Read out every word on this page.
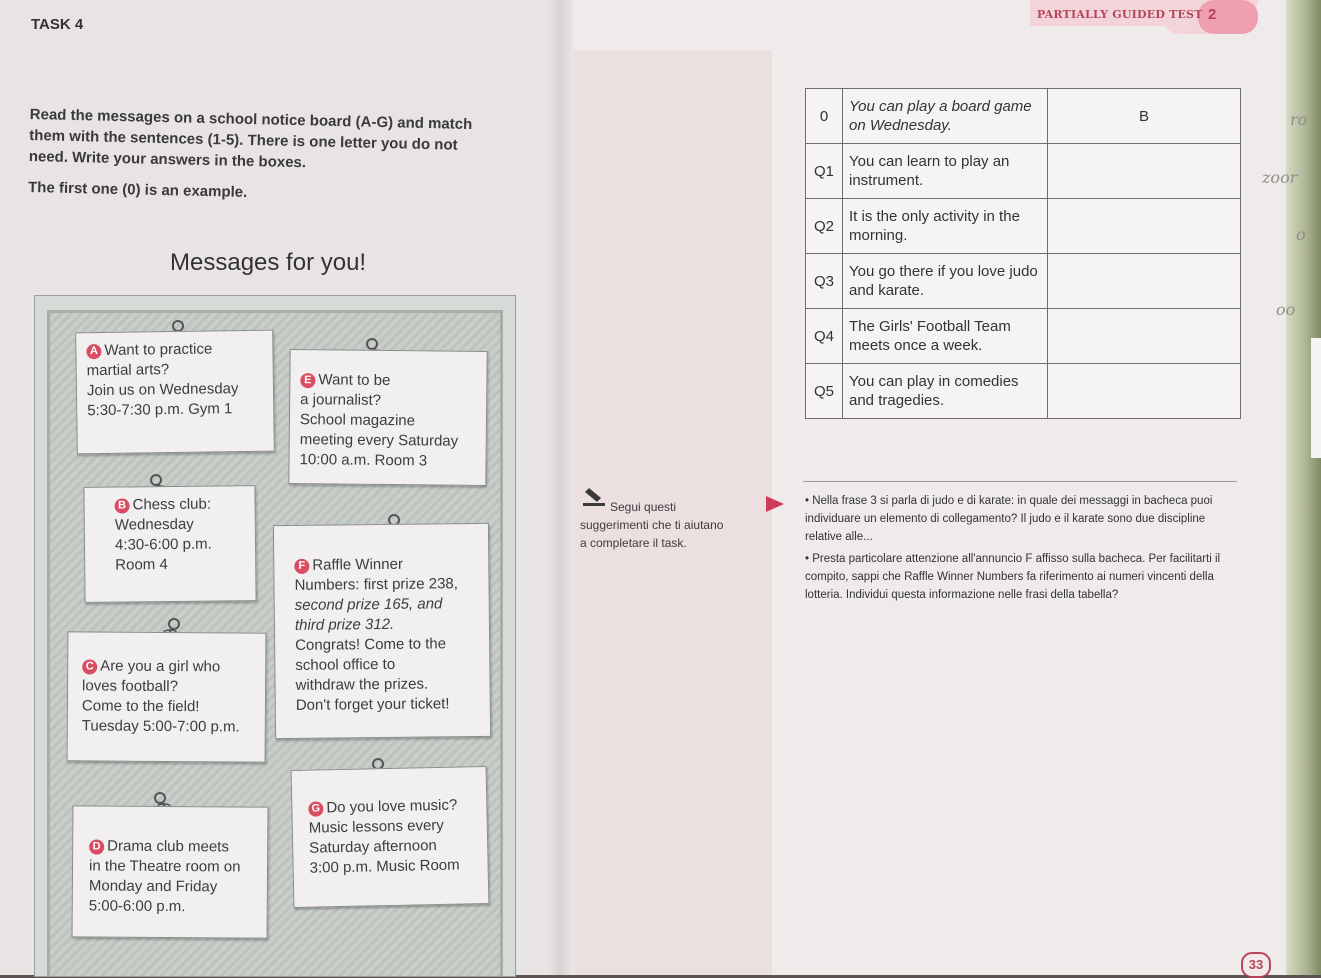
ro
zoor
o
oo
TASK 4
Read the messages on a school notice board (A-G) and match
them with the sentences (1-5). There is one letter you do not
need. Write your answers in the boxes.
The first one (0) is an example.
Messages for you!
A Want to practice
martial arts?
Join us on Wednesday
5:30-7:30 p.m. Gym 1
E Want to be
a journalist?
School magazine
meeting every Saturday
10:00 a.m. Room 3
B Chess club:
Wednesday
4:30-6:00 p.m.
Room 4	F Raffle Winner
Numbers: first prize 238,
second prize 165, and
third prize 312.
Congrats! Come to the
school office to
withdraw the prizes.
Don't forget your ticket!
C Are you a girl who
loves football?
Come to the field!
Tuesday 5:00-7:00 p.m.
G Do you love music?
Music lessons every
Saturday afternoon
3:00 p.m. Music Room
D Drama club meets
in the Theatre room on
Monday and Friday
5:00-6:00 p.m.
PARTIALLY GUIDED TEST 2
0	You can play a board game on Wednesday.	B
Q1	You can learn to play an instrument.	
Q2	It is the only activity in the morning.	
Q3	You go there if you love judo and karate.	
Q4	The Girls' Football Team meets once a week.	
Q5	You can play in comedies and tragedies.	
Segui questi
suggerimenti che ti aiutano
a completare il task.

• Nella frase 3 si parla di judo e di karate: in quale dei messaggi in bacheca puoi individuare un elemento di collegamento? Il judo e il karate sono due discipline relative alle...

• Presta particolare attenzione all'annuncio F affisso sulla bacheca. Per facilitarti il compito, sappi che Raffle Winner Numbers fa riferimento ai numeri vincenti della lotteria. Individui questa informazione nelle frasi della tabella?

33
